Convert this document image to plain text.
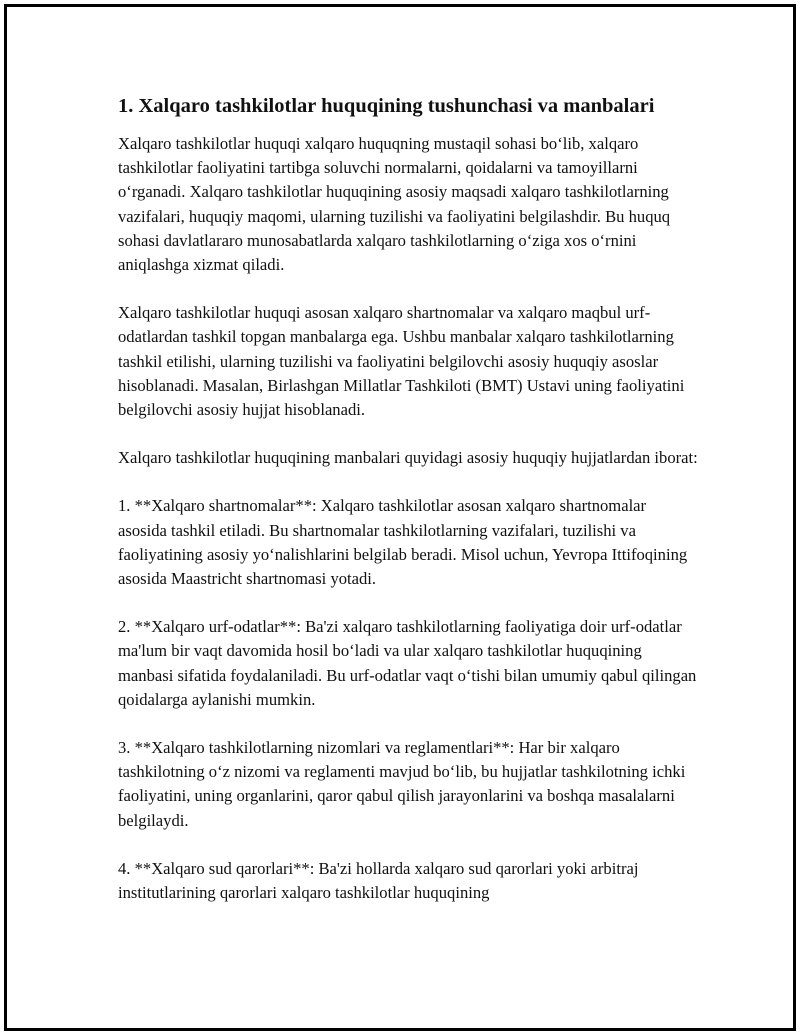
1. Xalqaro tashkilotlar huquqining tushunchasi va manbalari

Xalqaro tashkilotlar huquqi xalqaro huquqning mustaqil sohasi bo‘lib, xalqaro tashkilotlar faoliyatini tartibga soluvchi normalarni, qoidalarni va tamoyillarni o‘rganadi. Xalqaro tashkilotlar huquqining asosiy maqsadi xalqaro tashkilotlarning vazifalari, huquqiy maqomi, ularning tuzilishi va faoliyatini belgilashdir. Bu huquq sohasi davlatlararo munosabatlarda xalqaro tashkilotlarning o‘ziga xos o‘rnini aniqlashga xizmat qiladi.

Xalqaro tashkilotlar huquqi asosan xalqaro shartnomalar va xalqaro maqbul urf-odatlardan tashkil topgan manbalarga ega. Ushbu manbalar xalqaro tashkilotlarning tashkil etilishi, ularning tuzilishi va faoliyatini belgilovchi asosiy huquqiy asoslar hisoblanadi. Masalan, Birlashgan Millatlar Tashkiloti (BMT) Ustavi uning faoliyatini belgilovchi asosiy hujjat hisoblanadi.

Xalqaro tashkilotlar huquqining manbalari quyidagi asosiy huquqiy hujjatlardan iborat:

1. **Xalqaro shartnomalar**: Xalqaro tashkilotlar asosan xalqaro shartnomalar asosida tashkil etiladi. Bu shartnomalar tashkilotlarning vazifalari, tuzilishi va faoliyatining asosiy yo‘nalishlarini belgilab beradi. Misol uchun, Yevropa Ittifoqining asosida Maastricht shartnomasi yotadi.

2. **Xalqaro urf-odatlar**: Ba'zi xalqaro tashkilotlarning faoliyatiga doir urf-odatlar ma'lum bir vaqt davomida hosil bo‘ladi va ular xalqaro tashkilotlar huquqining manbasi sifatida foydalaniladi. Bu urf-odatlar vaqt o‘tishi bilan umumiy qabul qilingan qoidalarga aylanishi mumkin.

3. **Xalqaro tashkilotlarning nizomlari va reglamentlari**: Har bir xalqaro tashkilotning o‘z nizomi va reglamenti mavjud bo‘lib, bu hujjatlar tashkilotning ichki faoliyatini, uning organlarini, qaror qabul qilish jarayonlarini va boshqa masalalarni belgilaydi.

4. **Xalqaro sud qarorlari**: Ba'zi hollarda xalqaro sud qarorlari yoki arbitraj institutlarining qarorlari xalqaro tashkilotlar huquqining
